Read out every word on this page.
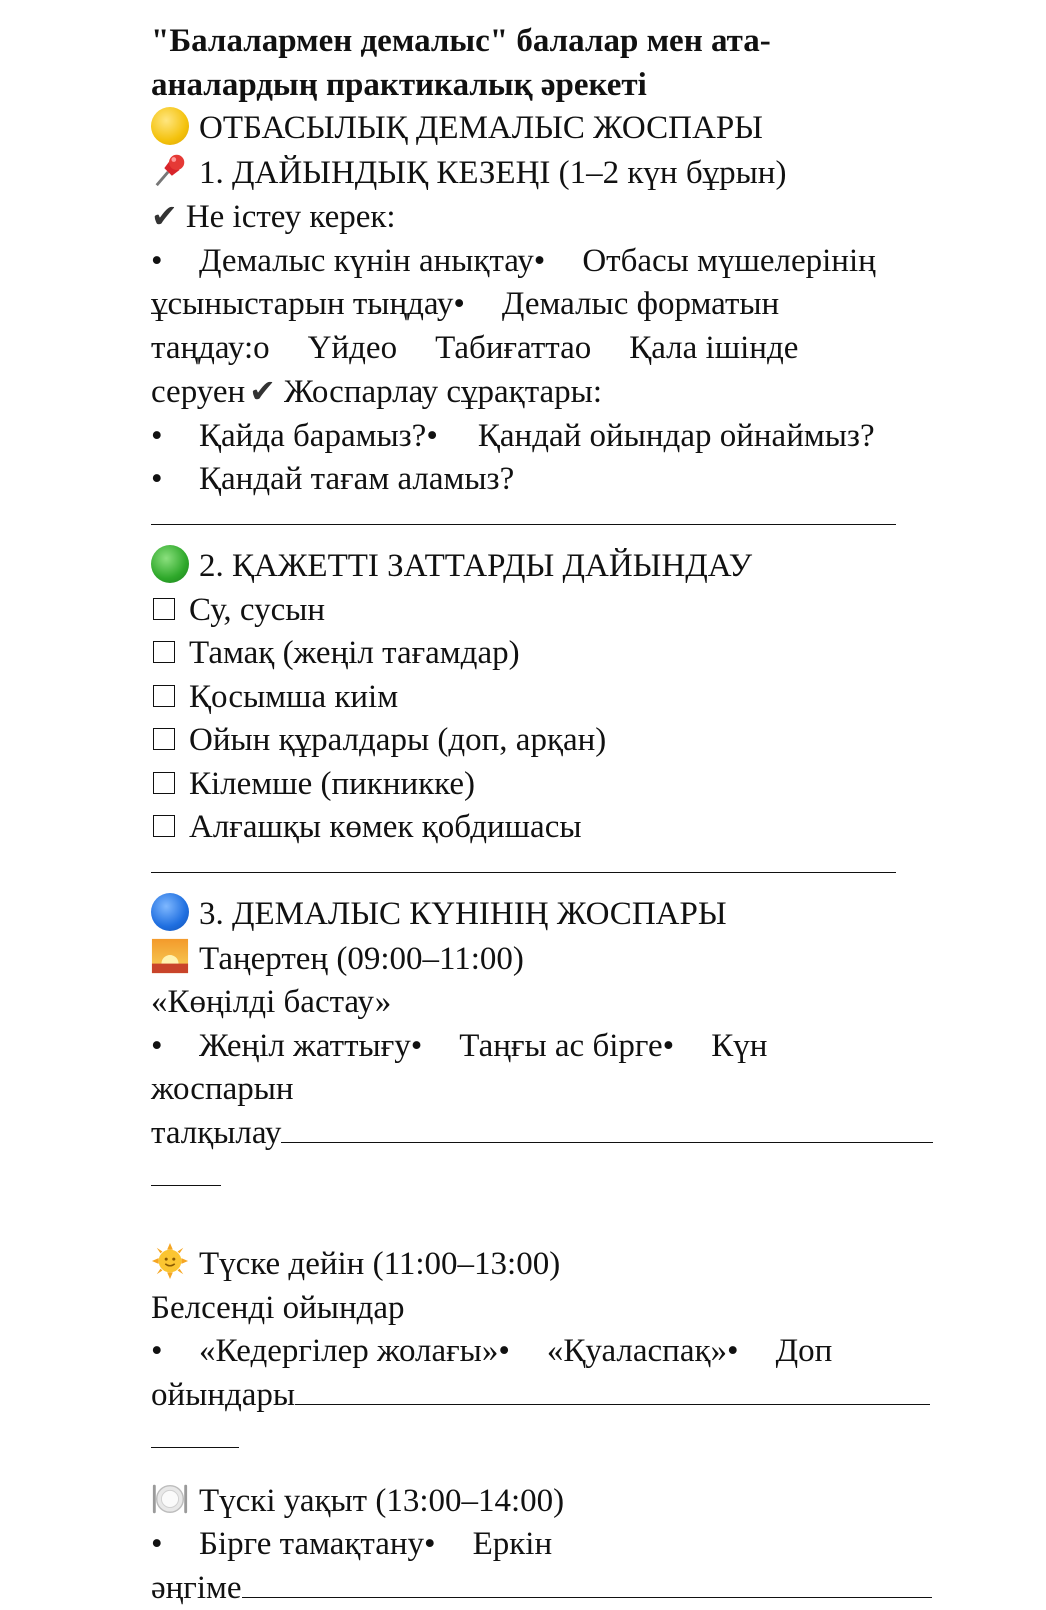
"Балалармен демалыс" балалар мен ата-
аналардың практикалық әрекеті
ОТБАСЫЛЫҚ ДЕМАЛЫС ЖОСПАРЫ
1. ДАЙЫНДЫҚ КЕЗЕҢІ (1–2 күн бұрын)
✔ Не істеу керек:
• Демалыс күнін анықтау• Отбасы мүшелерінің
ұсыныстарын тыңдау• Демалыс форматын
таңдау:о Үйдео Табиғаттао Қала ішінде
серуен ✔ Жоспарлау сұрақтары:
• Қайда барамыз?• Қандай ойындар ойнаймыз?
• Қандай тағам аламыз?
2. ҚАЖЕТТІ ЗАТТАРДЫ ДАЙЫНДАУ
Су, сусын
Тамақ (жеңіл тағамдар)
Қосымша киім
Ойын құралдары (доп, арқан)
Кілемше (пикникке)
Алғашқы көмек қобдишасы
3. ДЕМАЛЫС КҮНІНІҢ ЖОСПАРЫ
Таңертең (09:00–11:00)
«Көңілді бастау»
• Жеңіл жаттығу• Таңғы ас бірге• Күн
жоспарын
талқылау
Түске дейін (11:00–13:00)
Белсенді ойындар
• «Кедергілер жолағы»• «Қуаласпақ»• Доп
ойындары
Түскі уақыт (13:00–14:00)
• Бірге тамақтану• Еркін
әңгіме
